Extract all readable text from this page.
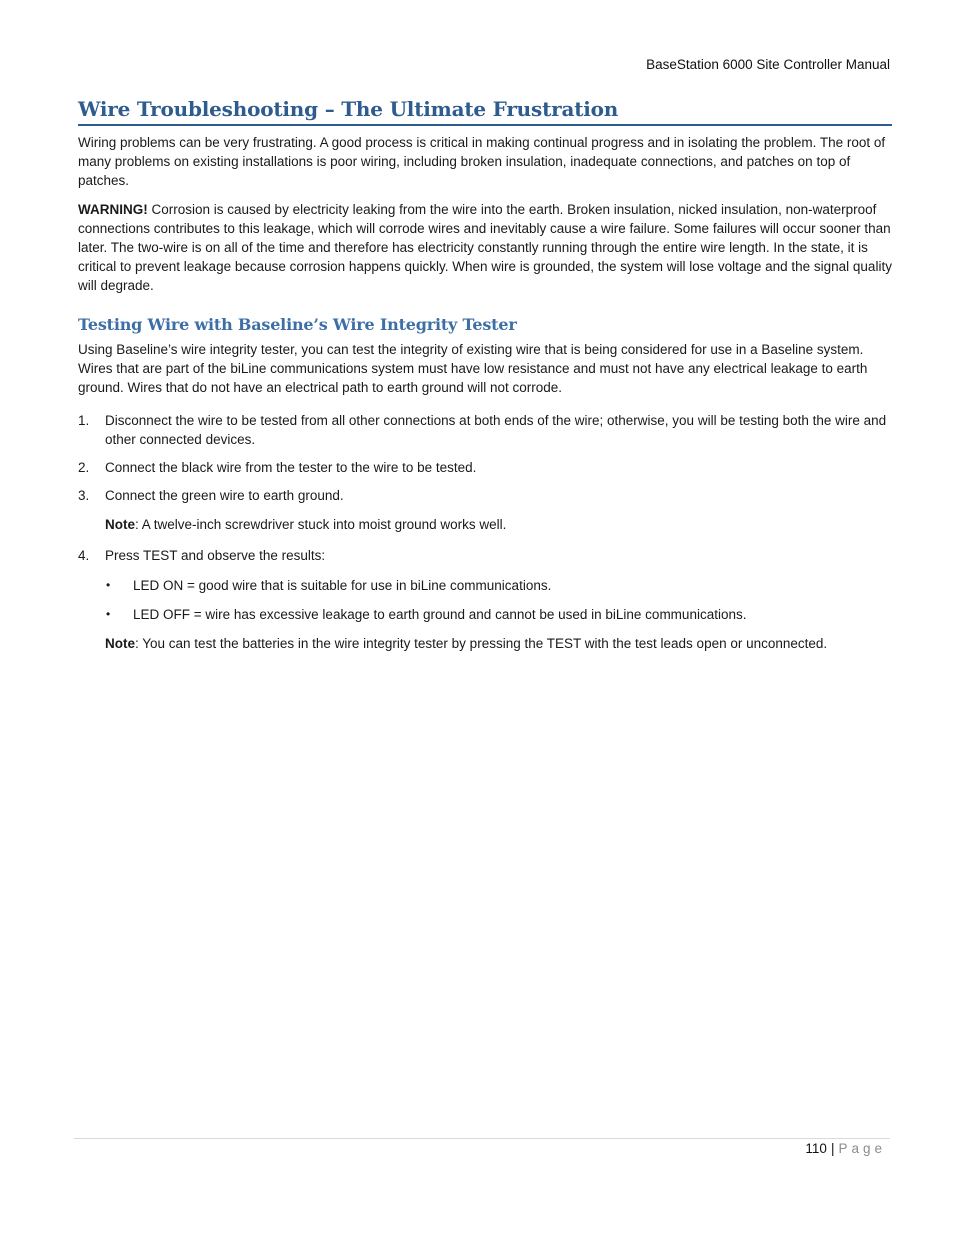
BaseStation 6000 Site Controller Manual
Wire Troubleshooting – The Ultimate Frustration

Wiring problems can be very frustrating. A good process is critical in making continual progress and in isolating the problem. The root of many problems on existing installations is poor wiring, including broken insulation, inadequate connections, and patches on top of patches.

WARNING! Corrosion is caused by electricity leaking from the wire into the earth. Broken insulation, nicked insulation, non-waterproof connections contributes to this leakage, which will corrode wires and inevitably cause a wire failure. Some failures will occur sooner than later. The two-wire is on all of the time and therefore has electricity constantly running through the entire wire length. In the state, it is critical to prevent leakage because corrosion happens quickly. When wire is grounded, the system will lose voltage and the signal quality will degrade.

Testing Wire with Baseline’s Wire Integrity Tester

Using Baseline’s wire integrity tester, you can test the integrity of existing wire that is being considered for use in a Baseline system. Wires that are part of the biLine communications system must have low resistance and must not have any electrical leakage to earth ground. Wires that do not have an electrical path to earth ground will not corrode.

1. Disconnect the wire to be tested from all other connections at both ends of the wire; otherwise, you will be testing both the wire and other connected devices.
2. Connect the black wire from the tester to the wire to be tested.
3. Connect the green wire to earth ground.
Note: A twelve-inch screwdriver stuck into moist ground works well.
4. Press TEST and observe the results:
• LED ON = good wire that is suitable for use in biLine communications.
• LED OFF = wire has excessive leakage to earth ground and cannot be used in biLine communications.
Note: You can test the batteries in the wire integrity tester by pressing the TEST with the test leads open or unconnected.
110 | Page
